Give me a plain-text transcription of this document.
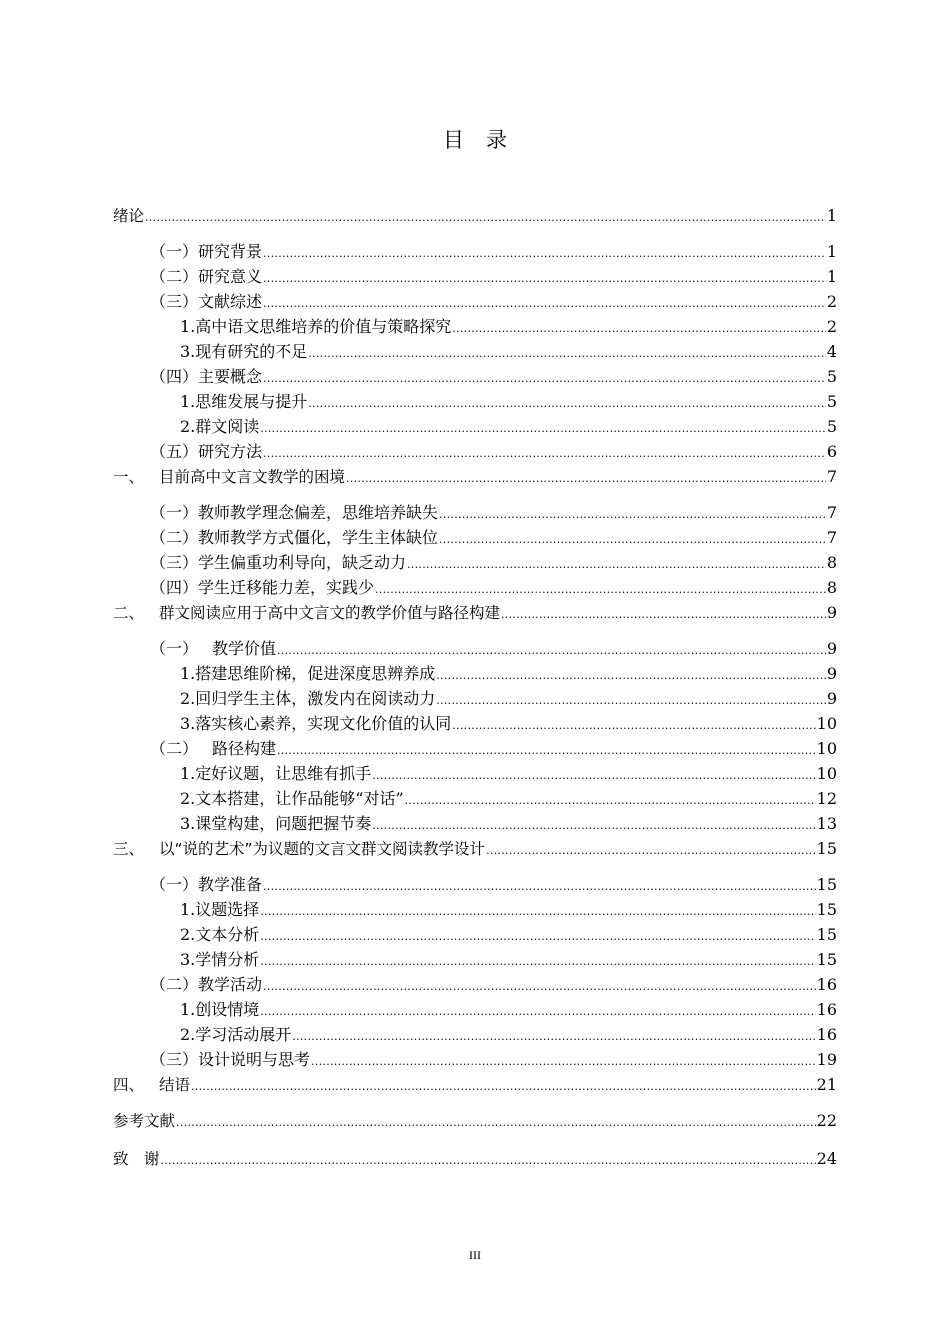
目 录
绪论 .....	1
（一）研究背景 .....	1
（二）研究意义 .....	1
（三）文献综述 .....	2
1.高中语文思维培养的价值与策略探究 .....	2
3.现有研究的不足 .....	4
（四）主要概念 .....	5
1.思维发展与提升 .....	5
2.群文阅读 .....	5
（五）研究方法 .....	6
一、 目前高中文言文教学的困境 .....	7
（一）教师教学理念偏差，思维培养缺失 .....	7
（二）教师教学方式僵化，学生主体缺位 .....	7
（三）学生偏重功利导向，缺乏动力 .....	8
（四）学生迁移能力差，实践少 .....	8
二、 群文阅读应用于高中文言文的教学价值与路径构建 .....	9
（一） 教学价值 .....	9
1.搭建思维阶梯，促进深度思辨养成 .....	9
2.回归学生主体，激发内在阅读动力 .....	9
3.落实核心素养，实现文化价值的认同 .....	10
（二） 路径构建 .....	10
1.定好议题，让思维有抓手 .....	10
2.文本搭建，让作品能够“对话” .....	12
3.课堂构建，问题把握节奏 .....	13
三、 以“说的艺术”为议题的文言文群文阅读教学设计 .....	15
（一）教学准备 .....	15
1.议题选择 .....	15
2.文本分析 .....	15
3.学情分析 .....	15
（二）教学活动 .....	16
1.创设情境 .....	16
2.学习活动展开 .....	16
（三）设计说明与思考 .....	19
四、 结语 .....	21
参考文献 .....	22
致　谢 .....	24
III
